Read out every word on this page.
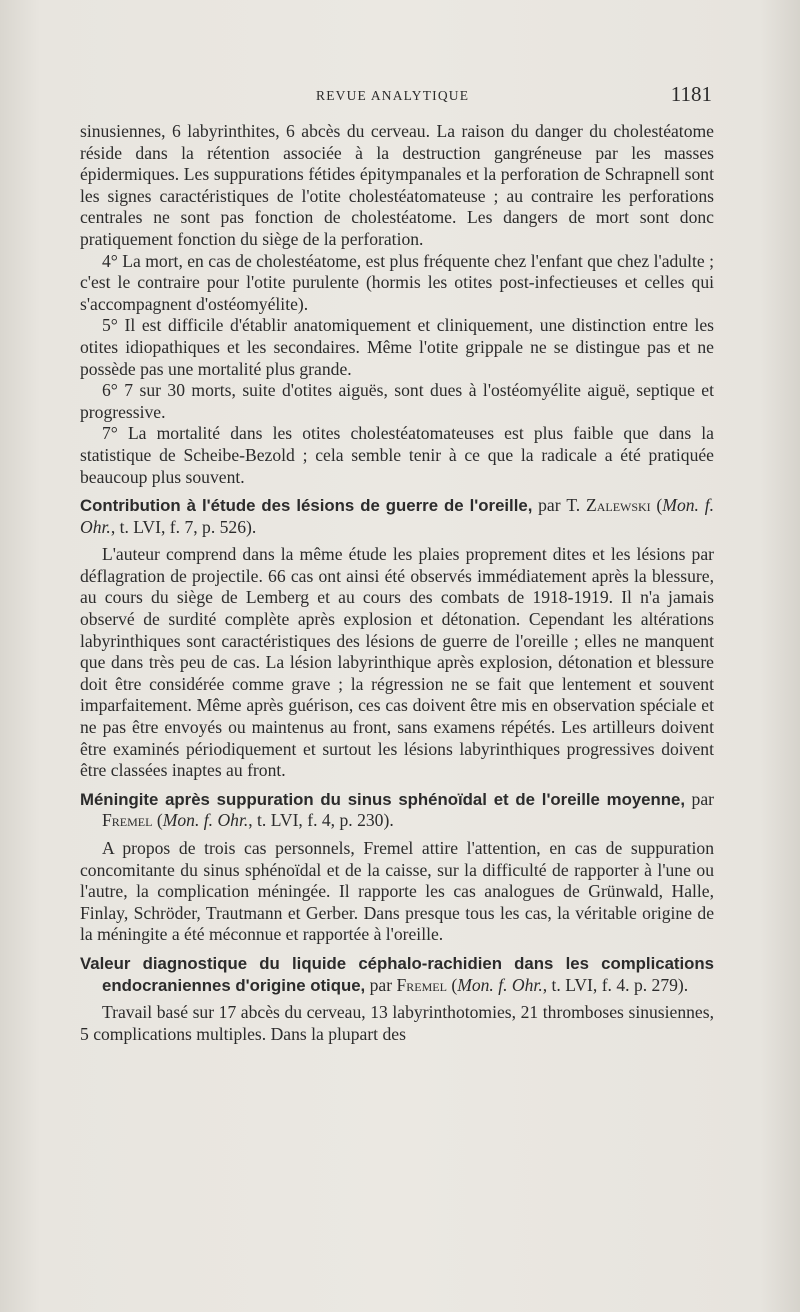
REVUE ANALYTIQUE	1181

sinusiennes, 6 labyrinthites, 6 abcès du cerveau. La raison du danger du cholestéatome réside dans la rétention associée à la destruction gangréneuse par les masses épidermiques. Les suppurations fétides épitympanales et la perforation de Schrapnell sont les signes caractéristiques de l'otite cholestéatomateuse ; au contraire les perforations centrales ne sont pas fonction de cholestéatome. Les dangers de mort sont donc pratiquement fonction du siège de la perforation.

4° La mort, en cas de cholestéatome, est plus fréquente chez l'enfant que chez l'adulte ; c'est le contraire pour l'otite purulente (hormis les otites post-infectieuses et celles qui s'accompagnent d'ostéomyélite).

5° Il est difficile d'établir anatomiquement et cliniquement, une distinction entre les otites idiopathiques et les secondaires. Même l'otite grippale ne se distingue pas et ne possède pas une mortalité plus grande.

6° 7 sur 30 morts, suite d'otites aiguës, sont dues à l'ostéomyélite aiguë, septique et progressive.

7° La mortalité dans les otites cholestéatomateuses est plus faible que dans la statistique de Scheibe-Bezold ; cela semble tenir à ce que la radicale a été pratiquée beaucoup plus souvent.

Contribution à l'étude des lésions de guerre de l'oreille, par T. Zalewski (Mon. f. Ohr., t. LVI, f. 7, p. 526).

L'auteur comprend dans la même étude les plaies proprement dites et les lésions par déflagration de projectile. 66 cas ont ainsi été observés immédiatement après la blessure, au cours du siège de Lemberg et au cours des combats de 1918-1919. Il n'a jamais observé de surdité complète après explosion et détonation. Cependant les altérations labyrinthiques sont caractéristiques des lésions de guerre de l'oreille ; elles ne manquent que dans très peu de cas. La lésion labyrinthique après explosion, détonation et blessure doit être considérée comme grave ; la régression ne se fait que lentement et souvent imparfaitement. Même après guérison, ces cas doivent être mis en observation spéciale et ne pas être envoyés ou maintenus au front, sans examens répétés. Les artilleurs doivent être examinés périodiquement et surtout les lésions labyrinthiques progressives doivent être classées inaptes au front.

Méningite après suppuration du sinus sphénoïdal et de l'oreille moyenne, par Fremel (Mon. f. Ohr., t. LVI, f. 4, p. 230).

A propos de trois cas personnels, Fremel attire l'attention, en cas de suppuration concomitante du sinus sphénoïdal et de la caisse, sur la difficulté de rapporter à l'une ou l'autre, la complication méningée. Il rapporte les cas analogues de Grünwald, Halle, Finlay, Schröder, Trautmann et Gerber. Dans presque tous les cas, la véritable origine de la méningite a été méconnue et rapportée à l'oreille.

Valeur diagnostique du liquide céphalo-rachidien dans les complications endocraniennes d'origine otique, par Fremel (Mon. f. Ohr., t. LVI, f. 4. p. 279).

Travail basé sur 17 abcès du cerveau, 13 labyrinthotomies, 21 thromboses sinusiennes, 5 complications multiples. Dans la plupart des
